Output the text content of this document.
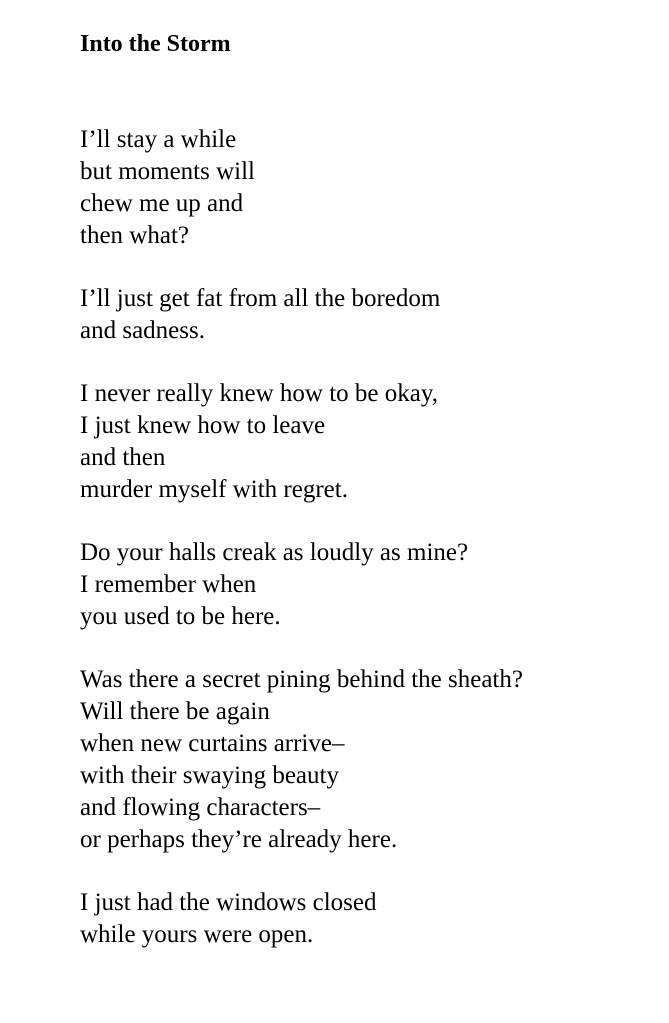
Into the Storm
I’ll stay a while
but moments will
chew me up and
then what?
I’ll just get fat from all the boredom
and sadness.
I never really knew how to be okay,
I just knew how to leave
and then
murder myself with regret.
Do your halls creak as loudly as mine?
I remember when
you used to be here.
Was there a secret pining behind the sheath?
Will there be again
when new curtains arrive–
with their swaying beauty
and flowing characters–
or perhaps they’re already here.
I just had the windows closed
while yours were open.
